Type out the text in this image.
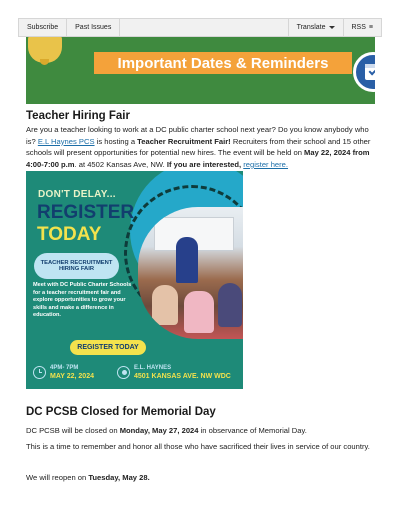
Subscribe Past Issues	Translate	RSS ≡
Important Dates & Reminders
Teacher Hiring Fair

Are you a teacher looking to work at a DC public charter school next year? Do you know anybody who is? E.L Haynes PCS is hosting a Teacher Recruitment Fair! Recruiters from their school and 15 other schools will present opportunities for potential new hires. The event will be held on May 22, 2024 from 4:00-7:00 p.m. at 4502 Kansas Ave, NW. If you are interested, register here.

DON'T DELAY...
REGISTER
TODAY
TEACHER RECRUITMENT
HIRING FAIR
Meet with DC Public Charter Schools for a teacher recruitment fair and explore opportunities to grow your skills and make a difference in education.
REGISTER TODAY
4PM- 7PM
MAY 22, 2024
E.L. HAYNES
4501 KANSAS AVE. NW WDC
DC PCSB Closed for Memorial Day

DC PCSB will be closed on Monday, May 27, 2024 in observance of Memorial Day.

This is a time to remember and honor all those who have sacrificed their lives in service of our country.

We will reopen on Tuesday, May 28.
